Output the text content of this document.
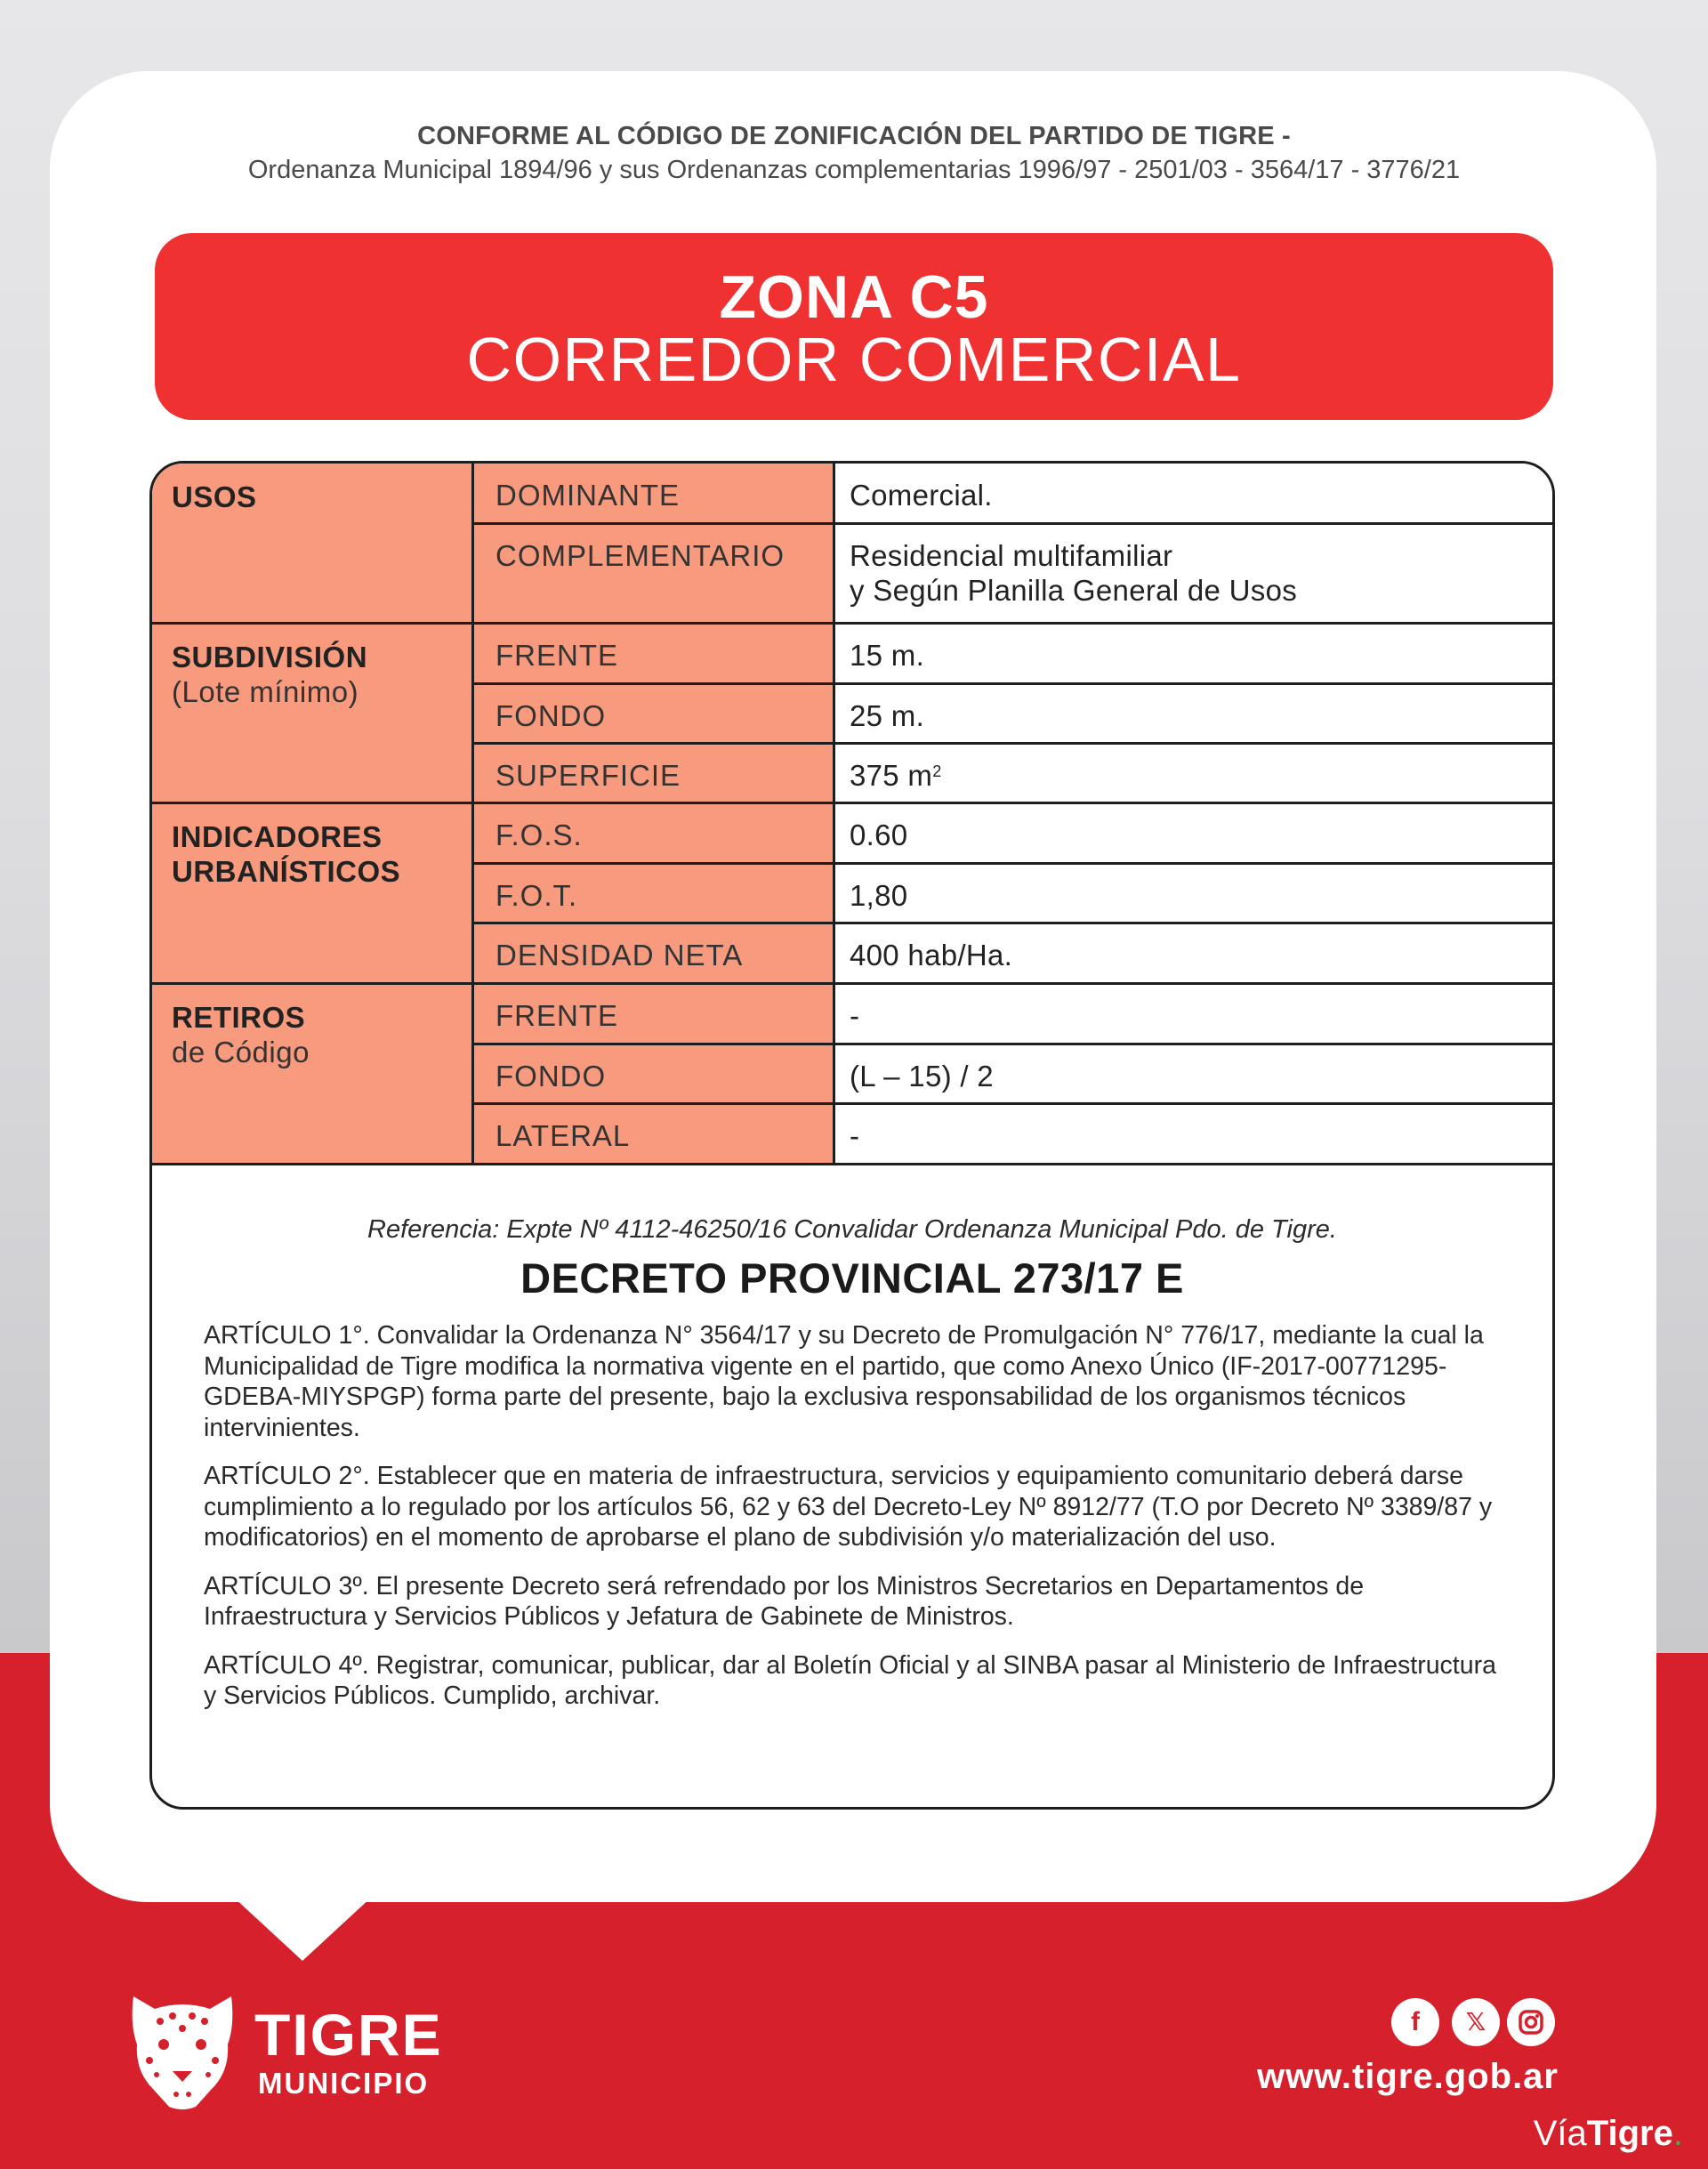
CONFORME AL CÓDIGO DE ZONIFICACIÓN DEL PARTIDO DE TIGRE -
Ordenanza Municipal 1894/96 y sus Ordenanzas complementarias 1996/97 - 2501/03 - 3564/17 - 3776/21
ZONA C5
CORREDOR COMERCIAL
USOS	DOMINANTE	Comercial.
COMPLEMENTARIO	Residencial multifamiliar
y Según Planilla General de Usos
SUBDIVISIÓN
(Lote mínimo)
FRENTE	15 m.
FONDO	25 m.
SUPERFICIE	375 $m^2$
INDICADORES
URBANÍSTICOS
F.O.S.	0.60
F.O.T.	1,80
DENSIDAD NETA	400 hab/Ha.
RETIROS
de Código
FRENTE	-
FONDO	(L – 15) / 2
LATERAL	-
Referencia: Expte Nº 4112-46250/16 Convalidar Ordenanza Municipal Pdo. de Tigre.
DECRETO PROVINCIAL 273/17 E

ARTÍCULO 1°. Convalidar la Ordenanza N° 3564/17 y su Decreto de Promulgación N° 776/17, mediante la cual la Municipalidad de Tigre modifica la normativa vigente en el partido, que como Anexo Único (IF-2017-00771295-GDEBA-MIYSPGP) forma parte del presente, bajo la exclusiva responsabilidad de los organismos técnicos intervinientes.

ARTÍCULO 2°. Establecer que en materia de infraestructura, servicios y equipamiento comunitario deberá darse cumplimiento a lo regulado por los artículos 56, 62 y 63 del Decreto-Ley Nº 8912/77 (T.O por Decreto Nº 3389/87 y modificatorios) en el momento de aprobarse el plano de subdivisión y/o materialización del uso.

ARTÍCULO 3º. El presente Decreto será refrendado por los Ministros Secretarios en Departamentos de Infraestructura y Servicios Públicos y Jefatura de Gabinete de Ministros.

ARTÍCULO 4º. Registrar, comunicar, publicar, dar al Boletín Oficial y al SINBA pasar al Ministerio de Infraestructura y Servicios Públicos. Cumplido, archivar.

TIGRE
MUNICIPIO
f	𝕏
www.tigre.gob.ar
VíaTigre.
